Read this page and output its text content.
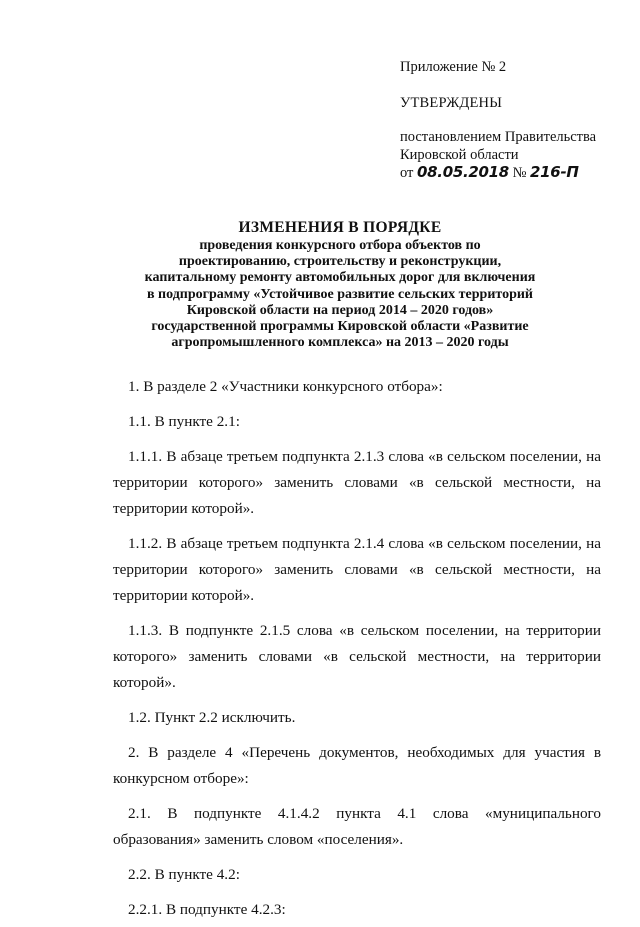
Приложение № 2
УТВЕРЖДЕНЫ
постановлением Правительства
Кировской области
от 08.05.2018 № 216-П
ИЗМЕНЕНИЯ В ПОРЯДКЕ
проведения конкурсного отбора объектов по
проектированию, строительству и реконструкции,
капитальному ремонту автомобильных дорог для включения
в подпрограмму «Устойчивое развитие сельских территорий
Кировской области на период 2014 – 2020 годов»
государственной программы Кировской области «Развитие
агропромышленного комплекса» на 2013 – 2020 годы

1. В разделе 2 «Участники конкурсного отбора»:

1.1. В пункте 2.1:

1.1.1. В абзаце третьем подпункта 2.1.3 слова «в сельском поселении, на территории которого» заменить словами «в сельской местности, на территории которой».

1.1.2. В абзаце третьем подпункта 2.1.4 слова «в сельском поселении, на территории которого» заменить словами «в сельской местности, на территории которой».

1.1.3. В подпункте 2.1.5 слова «в сельском поселении, на территории которого» заменить словами «в сельской местности, на территории которой».

1.2. Пункт 2.2 исключить.

2. В разделе 4 «Перечень документов, необходимых для участия в конкурсном отборе»:

2.1. В подпункте 4.1.4.2 пункта 4.1 слова «муниципального образования» заменить словом «поселения».

2.2. В пункте 4.2:

2.2.1. В подпункте 4.2.3:
